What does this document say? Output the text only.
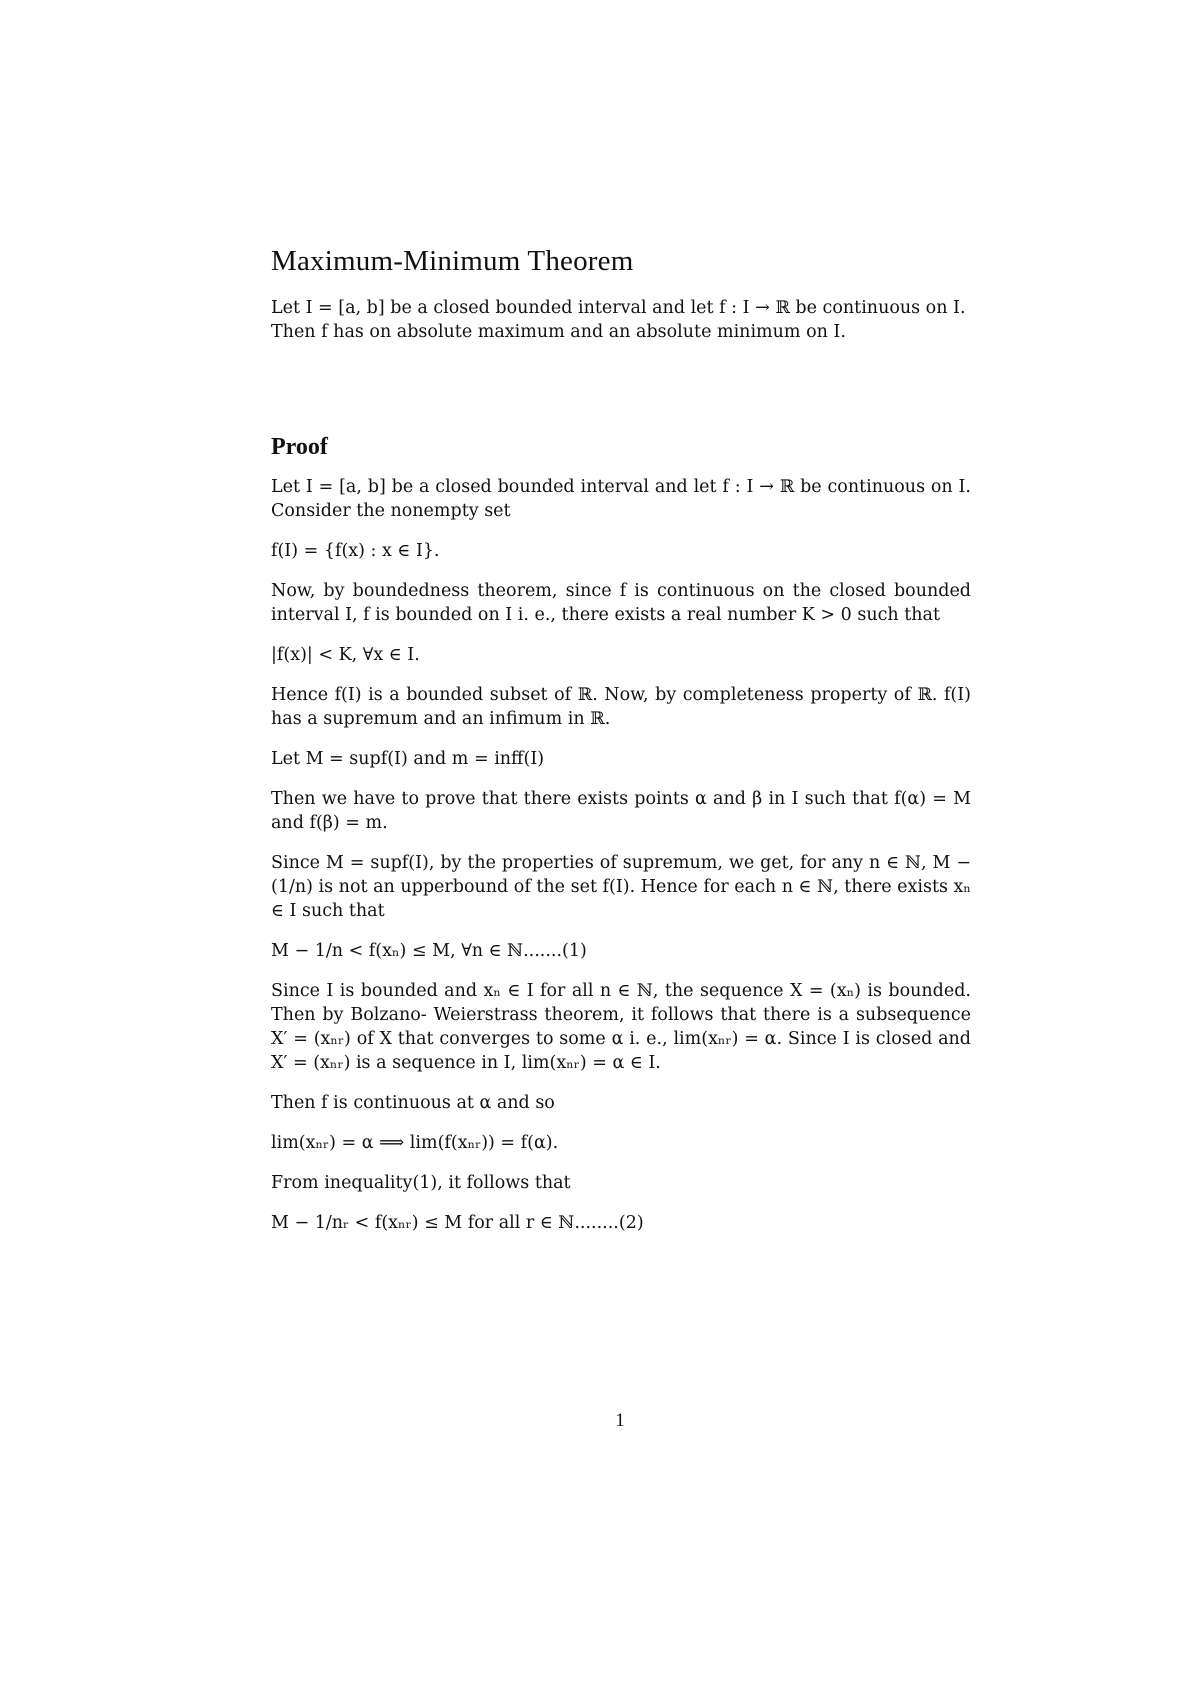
Maximum-Minimum Theorem

Let I = [a, b] be a closed bounded interval and let f : I → ℝ be continuous on I.

Then f has on absolute maximum and an absolute minimum on I.

Proof

Let I = [a, b] be a closed bounded interval and let f : I → ℝ be continuous on I. Consider the nonempty set

f(I) = {f(x) : x ∈ I}.

Now, by boundedness theorem, since f is continuous on the closed bounded interval I, f is bounded on I i. e., there exists a real number K > 0 such that

|f(x)| < K, ∀x ∈ I.

Hence f(I) is a bounded subset of ℝ. Now, by completeness property of ℝ. f(I) has a supremum and an infimum in ℝ.

Let M = supf(I) and m = inff(I)

Then we have to prove that there exists points α and β in I such that f(α) = M and f(β) = m.

Since M = supf(I), by the properties of supremum, we get, for any n ∈ ℕ, M − (1/n) is not an upperbound of the set f(I). Hence for each n ∈ ℕ, there exists xₙ ∈ I such that

M − 1/n < f(xₙ) ≤ M, ∀n ∈ ℕ.......(1)

Since I is bounded and xₙ ∈ I for all n ∈ ℕ, the sequence X = (xₙ) is bounded. Then by Bolzano- Weierstrass theorem, it follows that there is a subsequence X′ = (xₙᵣ) of X that converges to some α i. e., lim(xₙᵣ) = α. Since I is closed and X′ = (xₙᵣ) is a sequence in I, lim(xₙᵣ) = α ∈ I.

Then f is continuous at α and so

lim(xₙᵣ) = α ⟹ lim(f(xₙᵣ)) = f(α).

From inequality(1), it follows that

M − 1/nᵣ < f(xₙᵣ) ≤ M for all r ∈ ℕ........(2)

1
